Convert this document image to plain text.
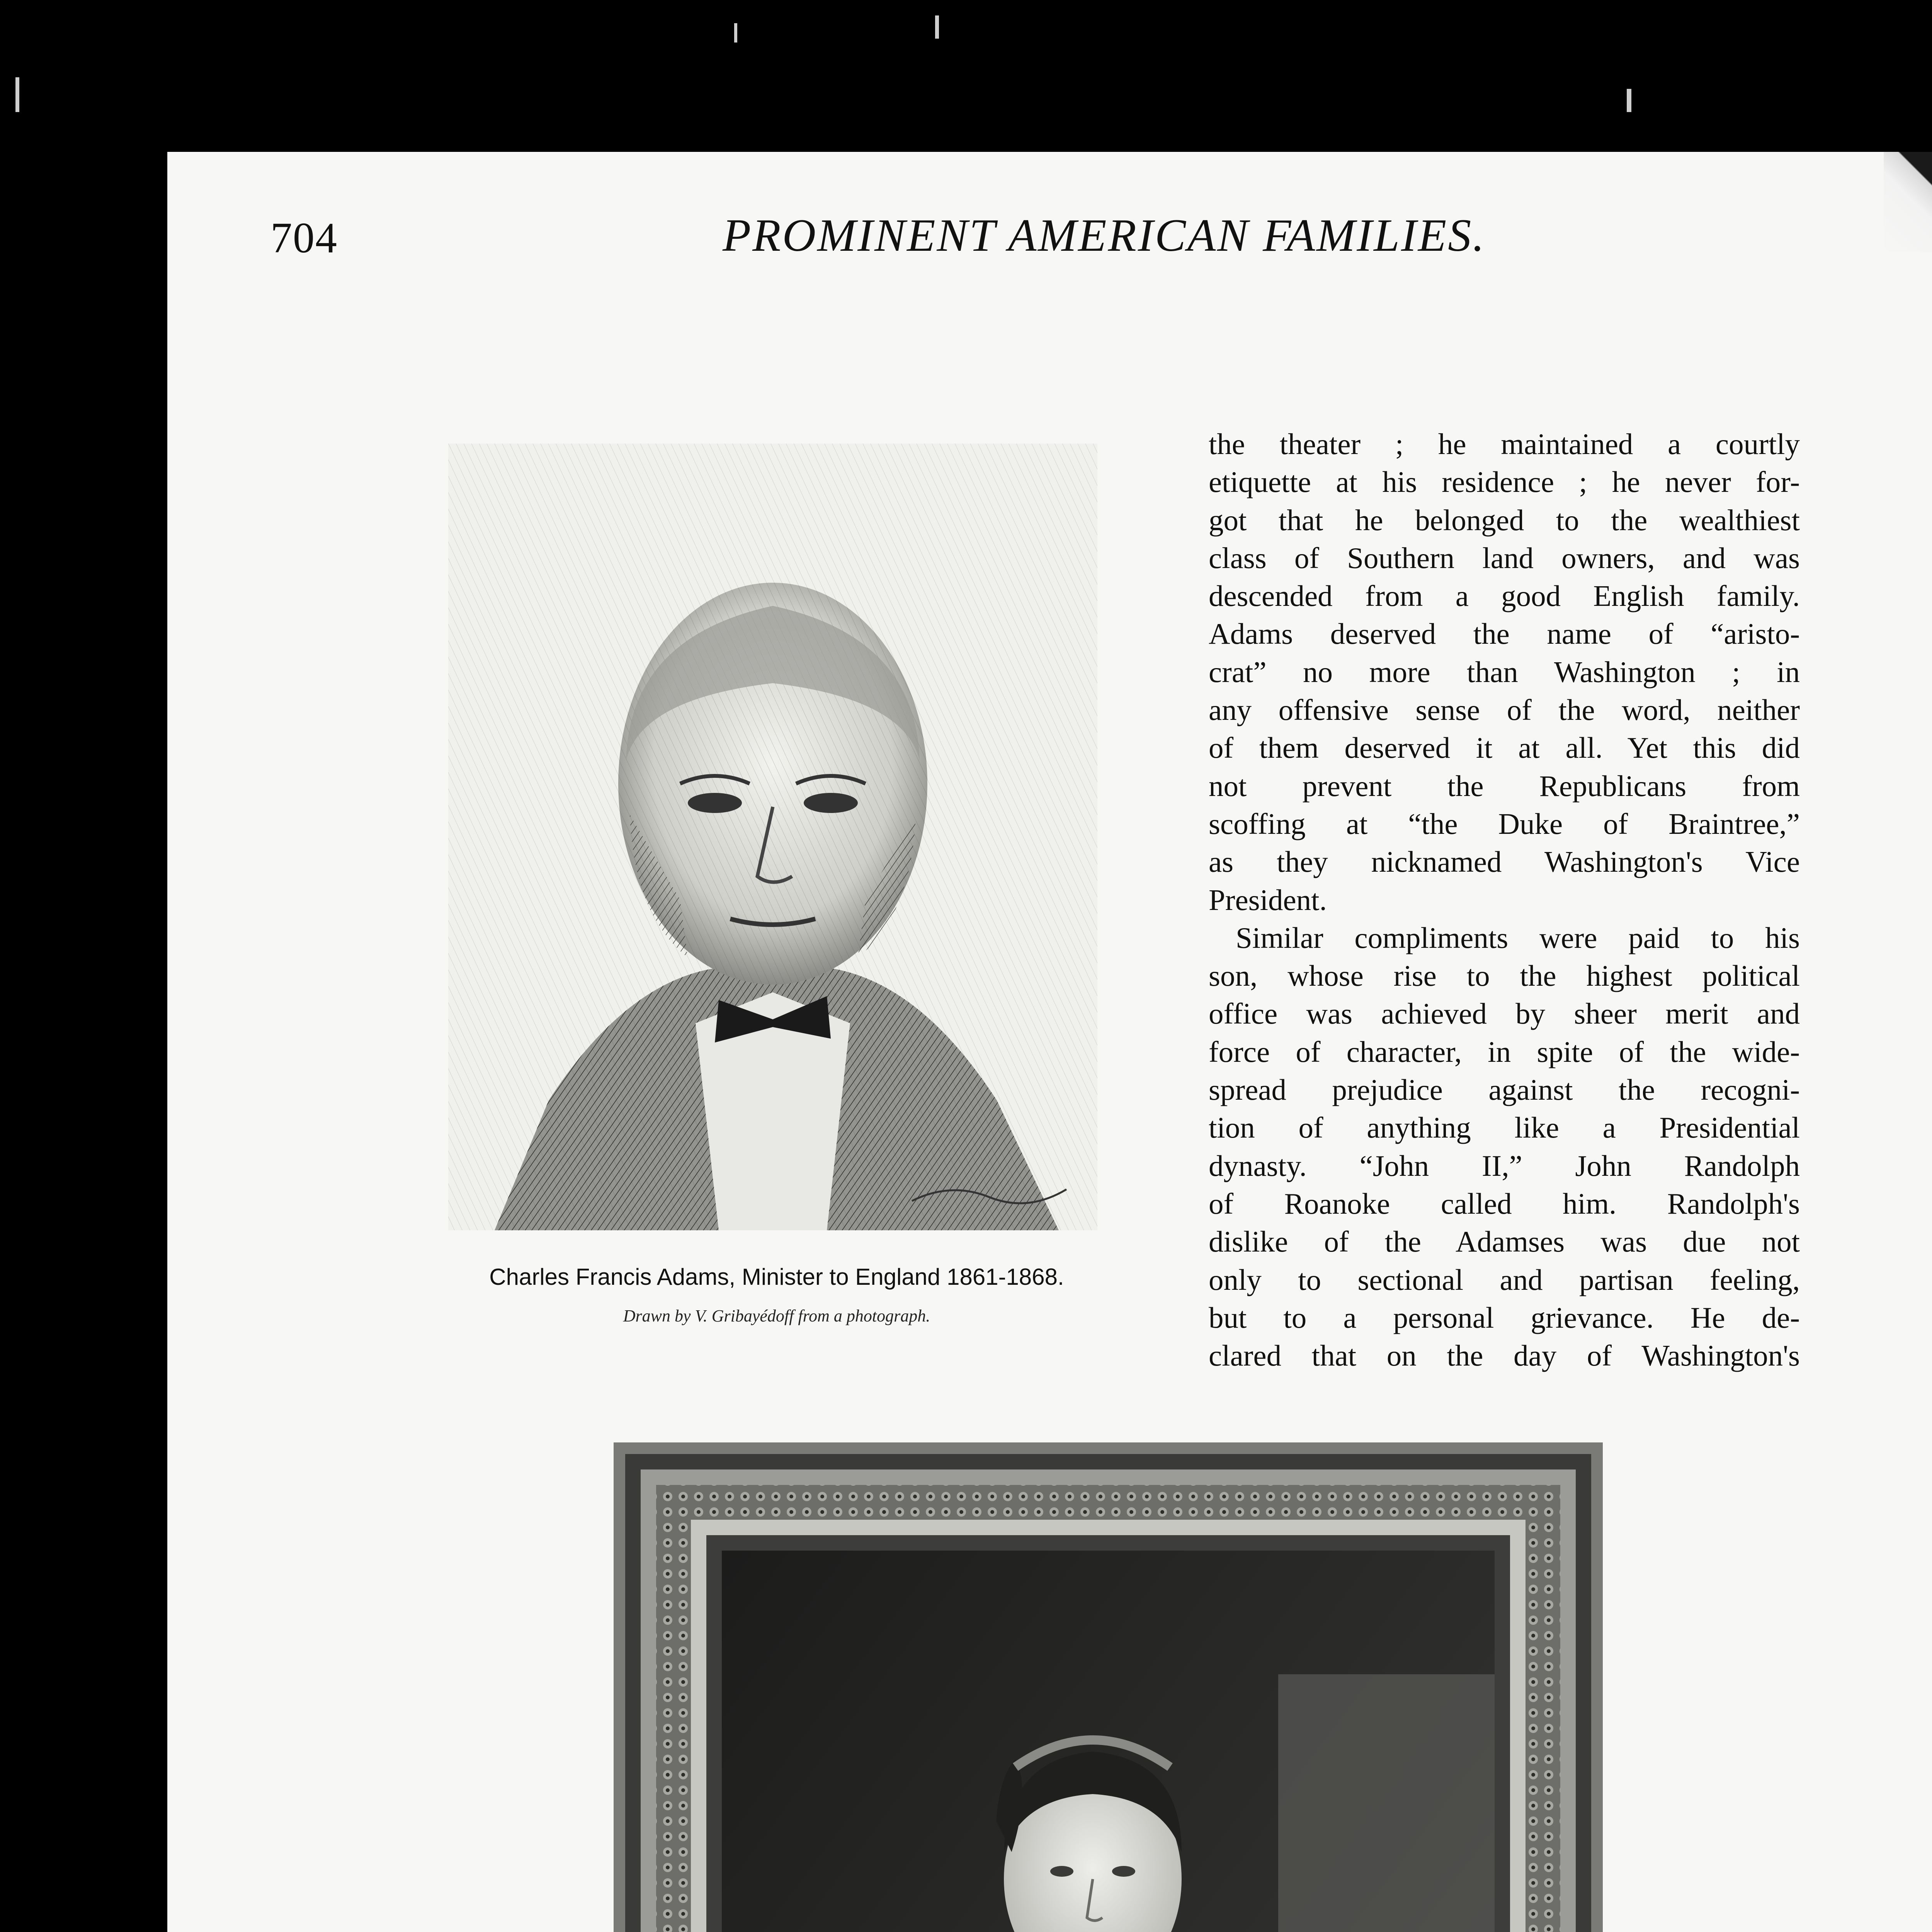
704	PROMINENT AMERICAN FAMILIES.
Charles Francis Adams, Minister to England 1861-1868.
Drawn by V. Gribayédoff from a photograph.

the theater ; he maintained a courtly

etiquette at his residence ; he never for-

got that he belonged to the wealthiest

class of Southern land owners, and was

descended from a good English family.

Adams deserved the name of “aristo-

crat” no more than Washington ; in

any offensive sense of the word, neither

of them deserved it at all. Yet this did

not prevent the Republicans from

scoffing at “the Duke of Braintree,”

as they nicknamed Washington's Vice

President.

Similar compliments were paid to his

son, whose rise to the highest political

office was achieved by sheer merit and

force of character, in spite of the wide-

spread prejudice against the recogni-

tion of anything like a Presidential

dynasty. “John II,” John Randolph

of Roanoke called him. Randolph's

dislike of the Adamses was due not

only to sectional and partisan feeling,

but to a personal grievance. He de-

clared that on the day of Washington's
